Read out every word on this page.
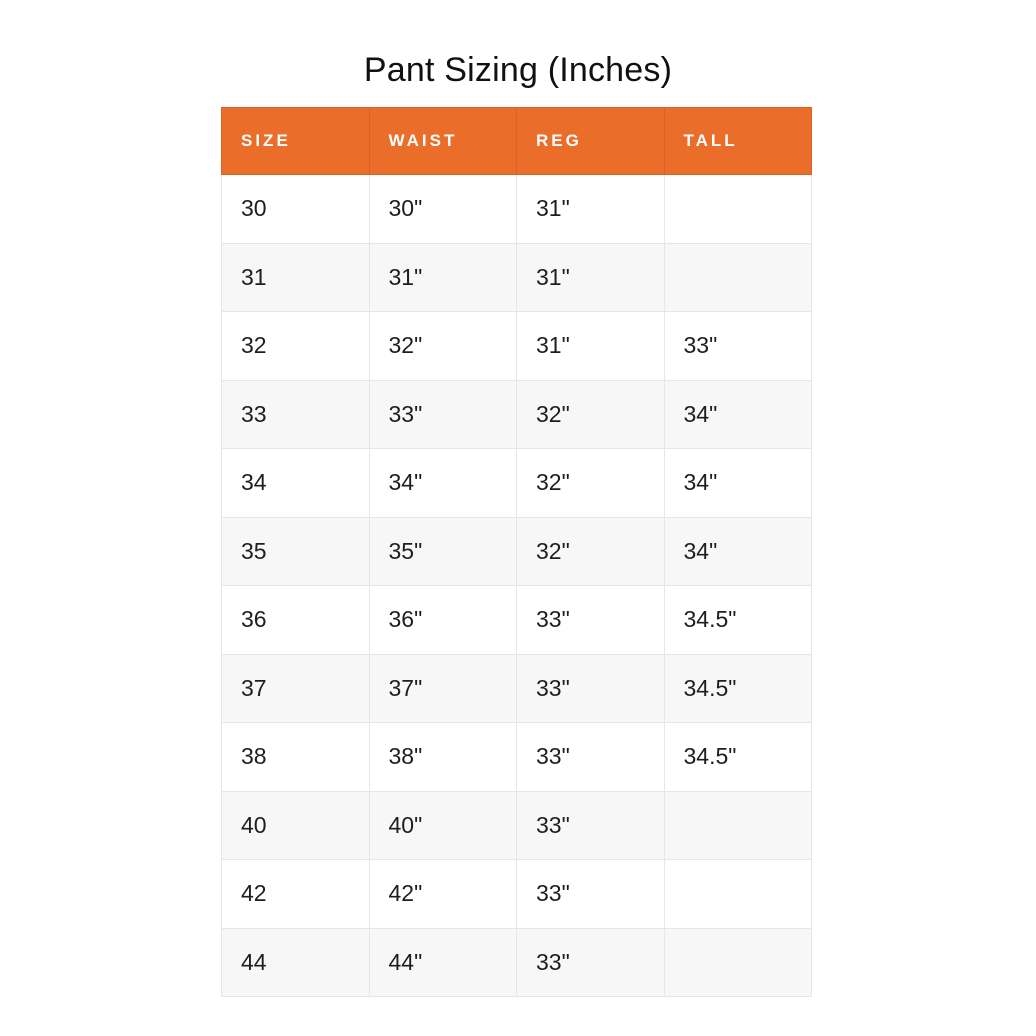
Pant Sizing (Inches)
SIZE	WAIST	REG	TALL
30	30"	31"	
31	31"	31"	
32	32"	31"	33"
33	33"	32"	34"
34	34"	32"	34"
35	35"	32"	34"
36	36"	33"	34.5"
37	37"	33"	34.5"
38	38"	33"	34.5"
40	40"	33"	
42	42"	33"	
44	44"	33"	
